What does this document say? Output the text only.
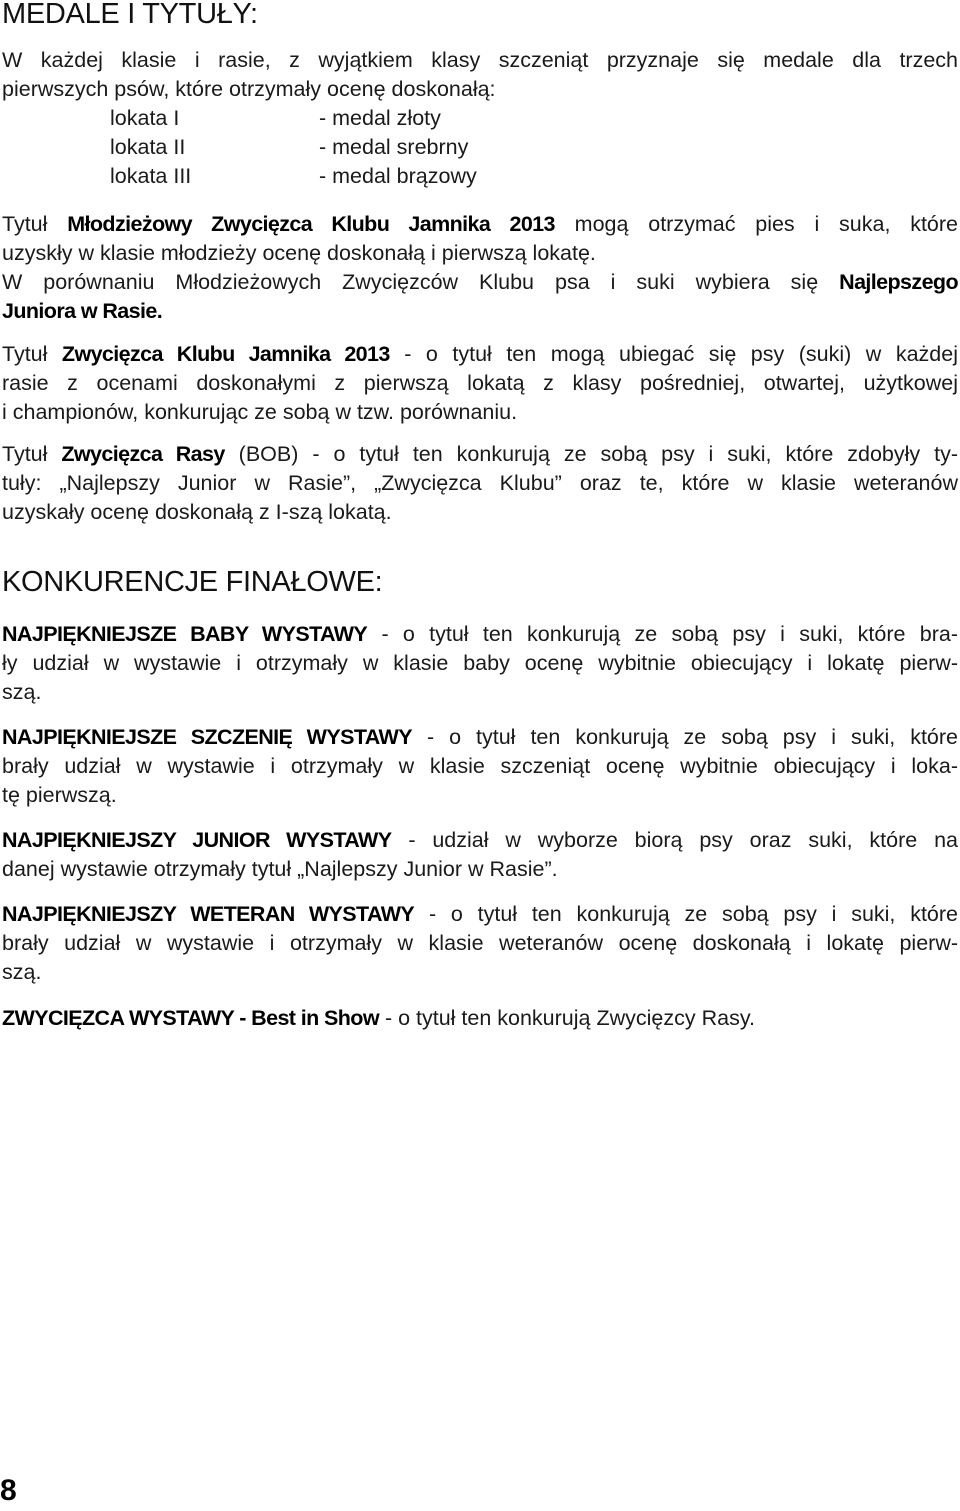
MEDALE I TYTUŁY:

W każdej klasie i rasie, z wyjątkiem klasy szczeniąt przyznaje się medale dla trzech
pierwszych psów, które otrzymały ocenę doskonałą:

lokata I	- medal złoty
lokata II	- medal srebrny
lokata III	- medal brązowy

Tytuł Młodzieżowy Zwycięzca Klubu Jamnika 2013 mogą otrzymać pies i suka, które
uzyskły w klasie młodzieży ocenę doskonałą i pierwszą lokatę.
W porównaniu Młodzieżowych Zwycięzców Klubu psa i suki wybiera się Najlepszego
Juniora w Rasie.

Tytuł Zwycięzca Klubu Jamnika 2013 - o tytuł ten mogą ubiegać się psy (suki) w każdej
rasie z ocenami doskonałymi z pierwszą lokatą z klasy pośredniej, otwartej, użytkowej
i championów, konkurując ze sobą w tzw. porównaniu.

Tytuł Zwycięzca Rasy (BOB) - o tytuł ten konkurują ze sobą psy i suki, które zdobyły ty-
tuły: „Najlepszy Junior w Rasie”, „Zwycięzca Klubu” oraz te, które w klasie weteranów
uzyskały ocenę doskonałą z I-szą lokatą.

KONKURENCJE FINAŁOWE:

NAJPIĘKNIEJSZE BABY WYSTAWY - o tytuł ten konkurują ze sobą psy i suki, które bra-
ły udział w wystawie i otrzymały w klasie baby ocenę wybitnie obiecujący i lokatę pierw-
szą.

NAJPIĘKNIEJSZE SZCZENIĘ WYSTAWY - o tytuł ten konkurują ze sobą psy i suki, które
brały udział w wystawie i otrzymały w klasie szczeniąt ocenę wybitnie obiecujący i loka-
tę pierwszą.

NAJPIĘKNIEJSZY JUNIOR WYSTAWY - udział w wyborze biorą psy oraz suki, które na
danej wystawie otrzymały tytuł „Najlepszy Junior w Rasie”.

NAJPIĘKNIEJSZY WETERAN WYSTAWY - o tytuł ten konkurują ze sobą psy i suki, które
brały udział w wystawie i otrzymały w klasie weteranów ocenę doskonałą i lokatę pierw-
szą.

ZWYCIĘZCA WYSTAWY - Best in Show - o tytuł ten konkurują Zwycięzcy Rasy.

8
